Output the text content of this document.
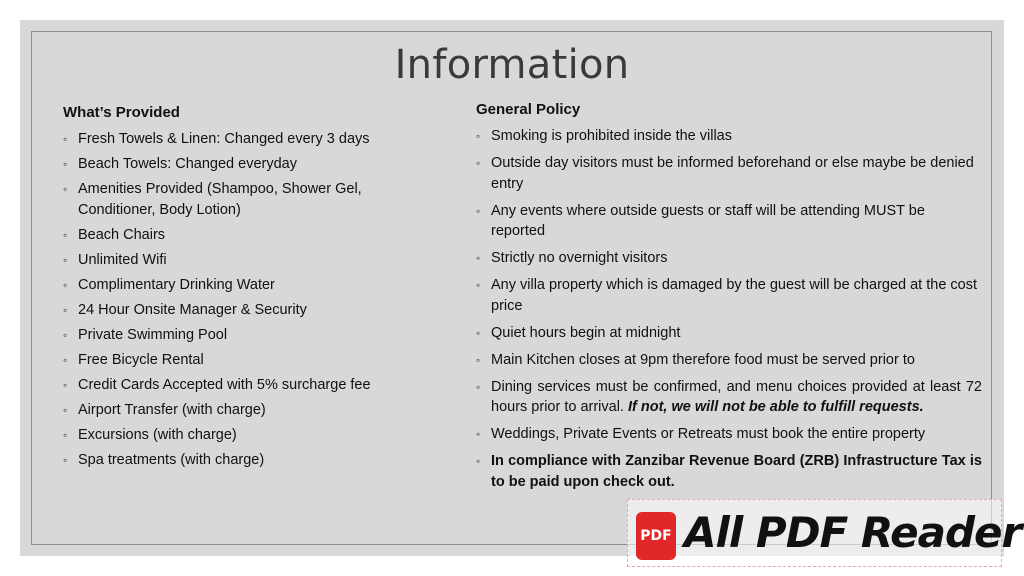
Information
What’s Provided
◦ Fresh Towels & Linen: Changed every 3 days
◦ Beach Towels: Changed everyday
◦ Amenities Provided (Shampoo, Shower Gel, Conditioner, Body Lotion)
◦ Beach Chairs
◦ Unlimited Wifi
◦ Complimentary Drinking Water
◦ 24 Hour Onsite Manager & Security
◦ Private Swimming Pool
◦ Free Bicycle Rental
◦ Credit Cards Accepted with 5% surcharge fee
◦ Airport Transfer (with charge)
◦ Excursions (with charge)
◦ Spa treatments (with charge)
General Policy
◦ Smoking is prohibited inside the villas
◦ Outside day visitors must be informed beforehand or else maybe be denied entry
◦ Any events where outside guests or staff will be attending MUST be reported
◦ Strictly no overnight visitors
◦ Any villa property which is damaged by the guest will be charged at the cost price
◦ Quiet hours begin at midnight
◦ Main Kitchen closes at 9pm therefore food must be served prior to
◦ Dining services must be confirmed, and menu choices provided at least 72 hours prior to arrival. If not, we will not be able to fulfill requests.
◦ Weddings, Private Events or Retreats must book the entire property
◦ In compliance with Zanzibar Revenue Board (ZRB) Infrastructure Tax is to be paid upon check out.
PDF All PDF Reader
